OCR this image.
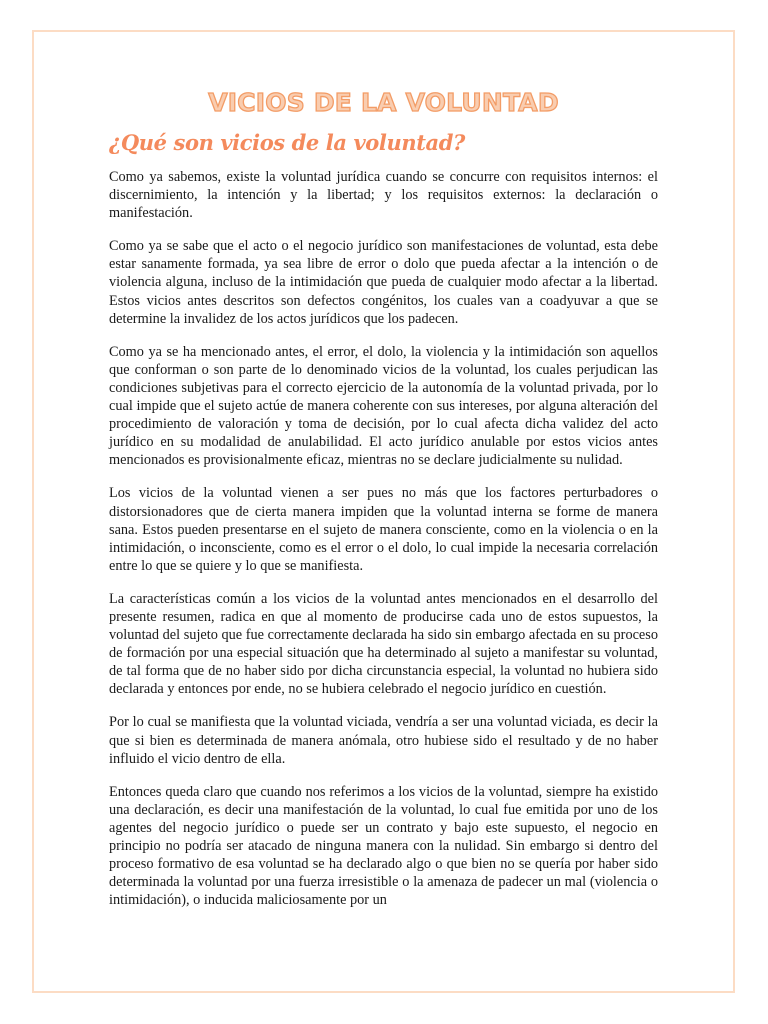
VICIOS DE LA VOLUNTAD
¿Qué son vicios de la voluntad?

Como ya sabemos, existe la voluntad jurídica cuando se concurre con requisitos internos: el discernimiento, la intención y la libertad; y los requisitos externos: la declaración o manifestación.

Como ya se sabe que el acto o el negocio jurídico son manifestaciones de voluntad, esta debe estar sanamente formada, ya sea libre de error o dolo que pueda afectar a la intención o de violencia alguna, incluso de la intimidación que pueda de cualquier modo afectar a la libertad. Estos vicios antes descritos son defectos congénitos, los cuales van a coadyuvar a que se determine la invalidez de los actos jurídicos que los padecen.

Como ya se ha mencionado antes, el error, el dolo, la violencia y la intimidación son aquellos que conforman o son parte de lo denominado vicios de la voluntad, los cuales perjudican las condiciones subjetivas para el correcto ejercicio de la autonomía de la voluntad privada, por lo cual impide que el sujeto actúe de manera coherente con sus intereses, por alguna alteración del procedimiento de valoración y toma de decisión, por lo cual afecta dicha validez del acto jurídico en su modalidad de anulabilidad. El acto jurídico anulable por estos vicios antes mencionados es provisionalmente eficaz, mientras no se declare judicialmente su nulidad.

Los vicios de la voluntad vienen a ser pues no más que los factores perturbadores o distorsionadores que de cierta manera impiden que la voluntad interna se forme de manera sana. Estos pueden presentarse en el sujeto de manera consciente, como en la violencia o en la intimidación, o inconsciente, como es el error o el dolo, lo cual impide la necesaria correlación entre lo que se quiere y lo que se manifiesta.

La características común a los vicios de la voluntad antes mencionados en el desarrollo del presente resumen, radica en que al momento de producirse cada uno de estos supuestos, la voluntad del sujeto que fue correctamente declarada ha sido sin embargo afectada en su proceso de formación por una especial situación que ha determinado al sujeto a manifestar su voluntad, de tal forma que de no haber sido por dicha circunstancia especial, la voluntad no hubiera sido declarada y entonces por ende, no se hubiera celebrado el negocio jurídico en cuestión.

Por lo cual se manifiesta que la voluntad viciada, vendría a ser una voluntad viciada, es decir la que si bien es determinada de manera anómala, otro hubiese sido el resultado y de no haber influido el vicio dentro de ella.

Entonces queda claro que cuando nos referimos a los vicios de la voluntad, siempre ha existido una declaración, es decir una manifestación de la voluntad, lo cual fue emitida por uno de los agentes del negocio jurídico o puede ser un contrato y bajo este supuesto, el negocio en principio no podría ser atacado de ninguna manera con la nulidad. Sin embargo si dentro del proceso formativo de esa voluntad se ha declarado algo o que bien no se quería por haber sido determinada la voluntad por una fuerza irresistible o la amenaza de padecer un mal (violencia o intimidación), o inducida maliciosamente por un
